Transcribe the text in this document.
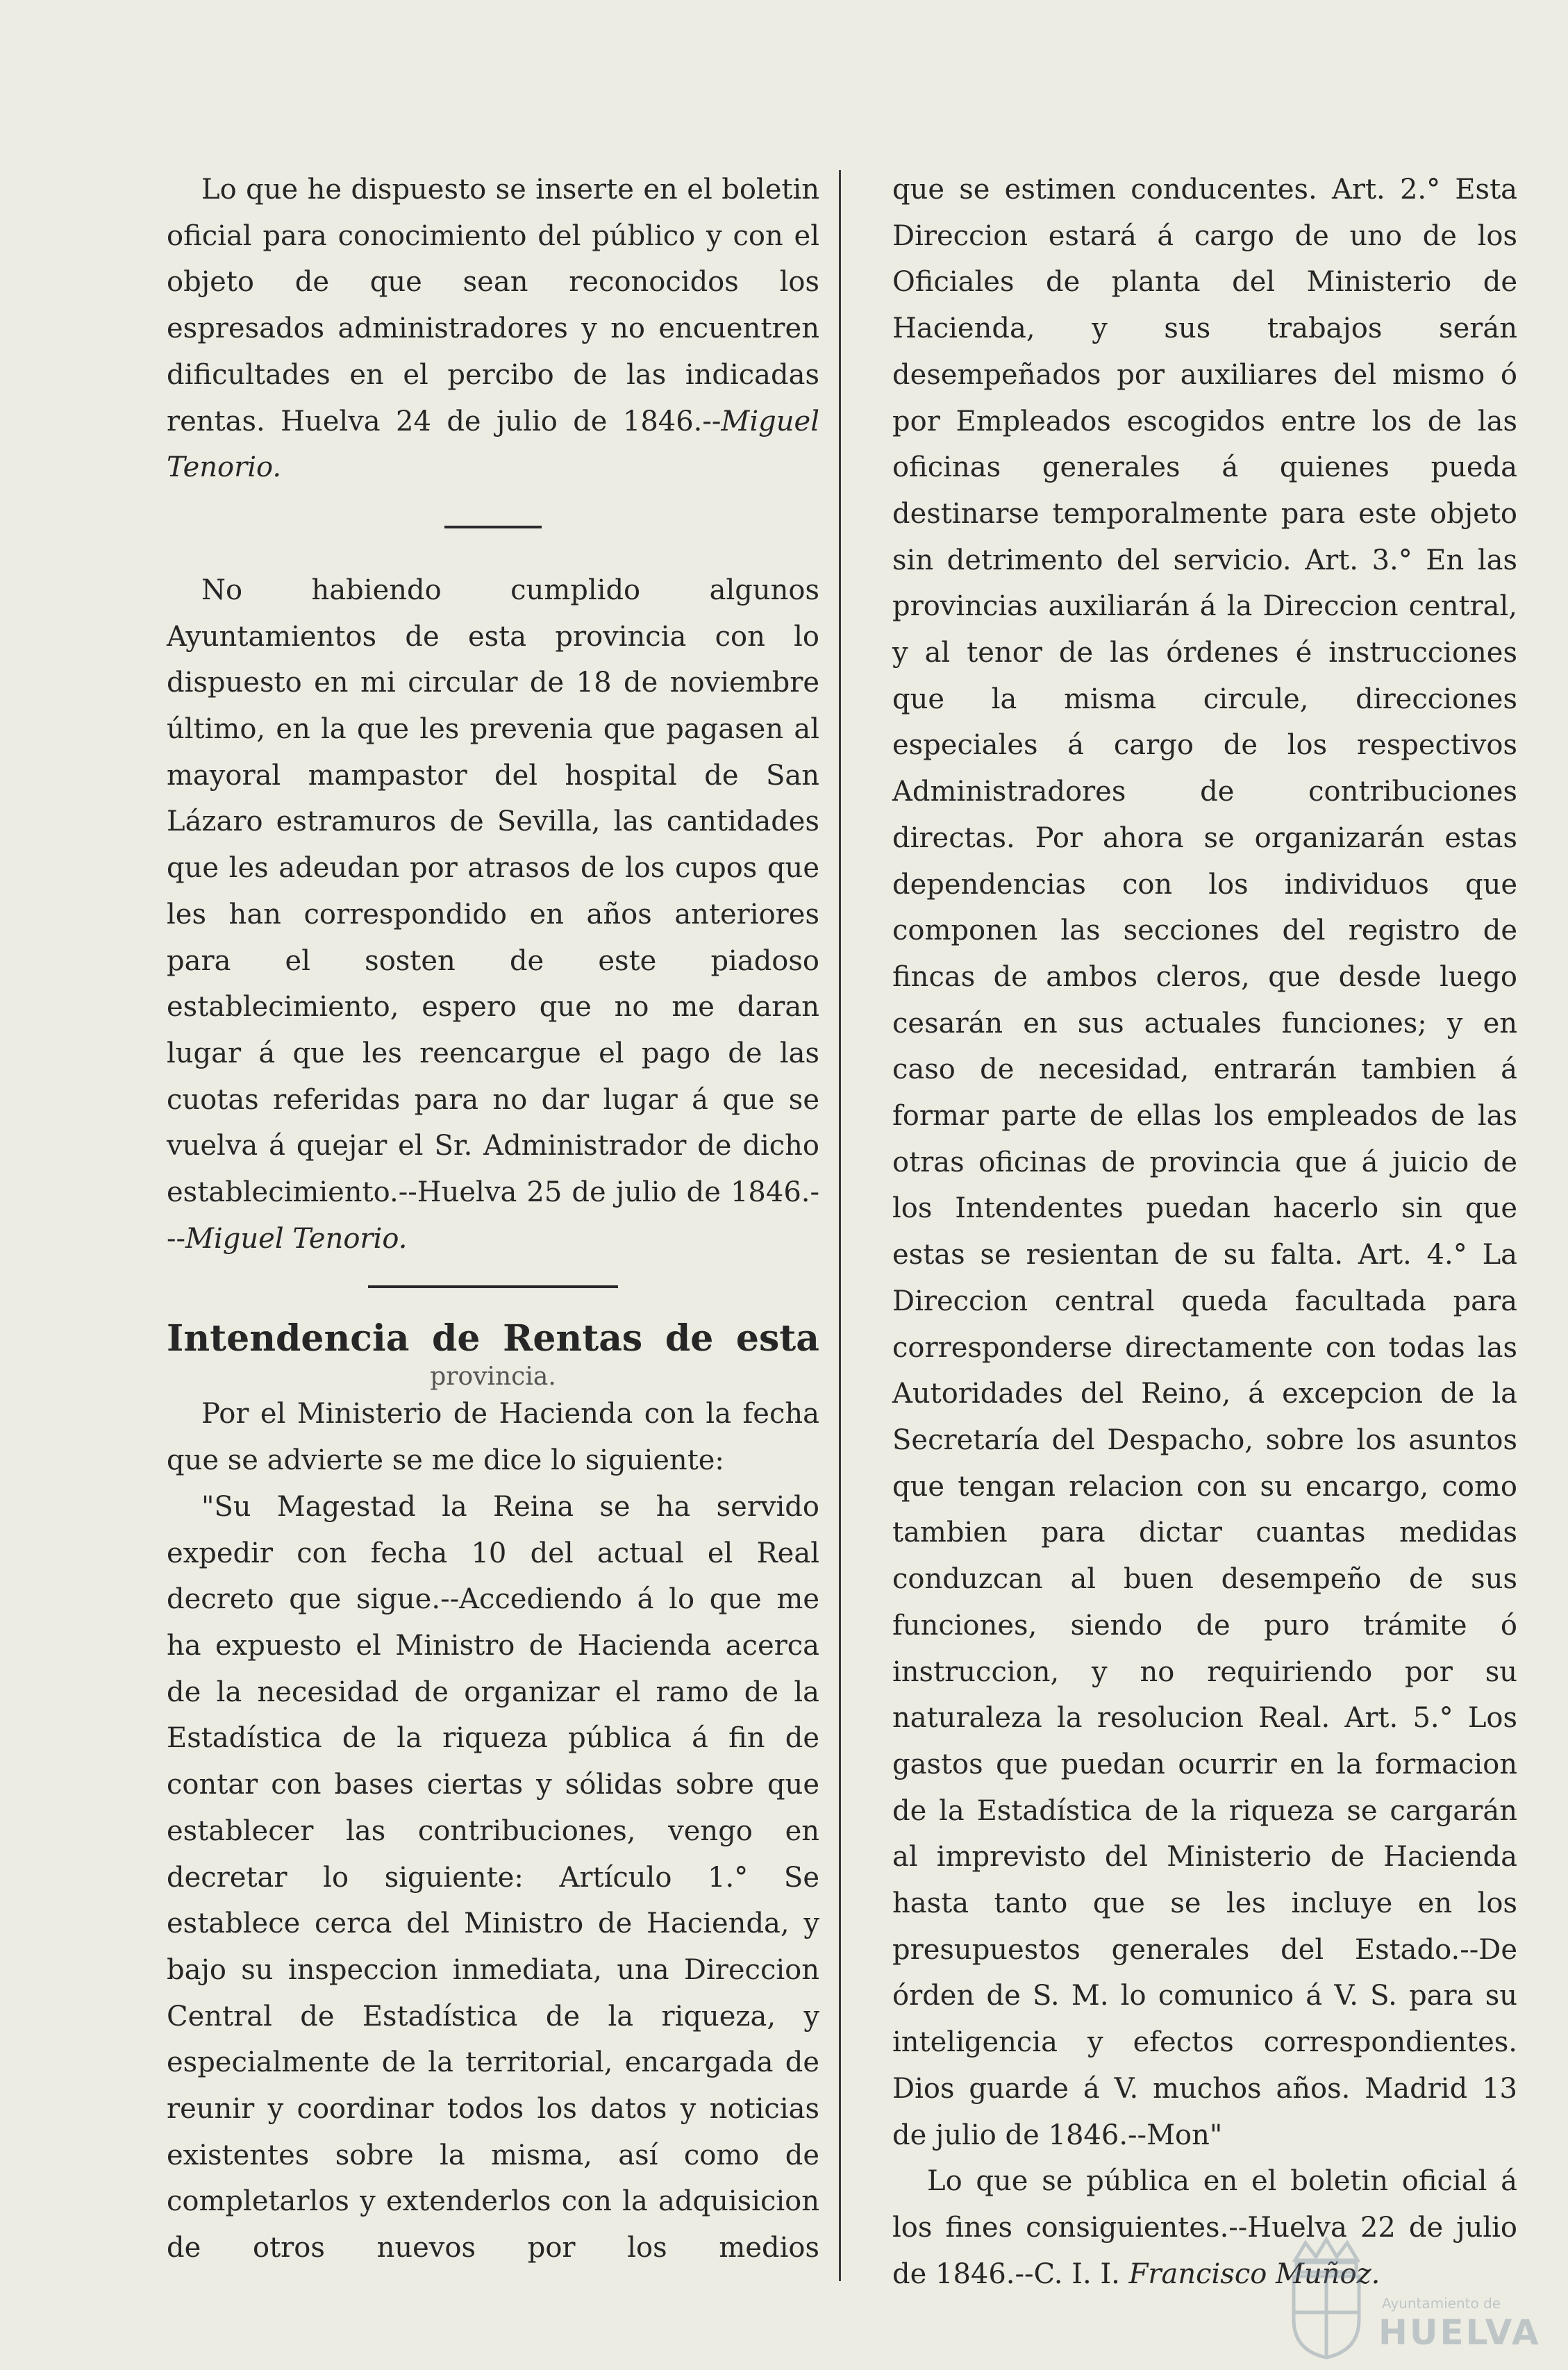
Lo que he dispuesto se inserte en el boletin oficial para conocimiento del público y con el objeto de que sean reconocidos los espresados administradores y no encuentren dificultades en el percibo de las indicadas rentas. Huelva 24 de julio de 1846.--Miguel Tenorio.

No habiendo cumplido algunos Ayuntamientos de esta provincia con lo dispuesto en mi circular de 18 de noviembre último, en la que les prevenia que pagasen al mayoral mampastor del hospital de San Lázaro estramuros de Sevilla, las cantidades que les adeudan por atrasos de los cupos que les han correspondido en años anteriores para el sosten de este piadoso establecimiento, espero que no me daran lugar á que les reencargue el pago de las cuotas referidas para no dar lugar á que se vuelva á quejar el Sr. Administrador de dicho establecimiento.--Huelva 25 de julio de 1846.---Miguel Tenorio.

Intendencia de Rentas de esta
provincia.

Por el Ministerio de Hacienda con la fecha que se advierte se me dice lo siguiente:

"Su Magestad la Reina se ha servido expedir con fecha 10 del actual el Real decreto que sigue.--Accediendo á lo que me ha expuesto el Ministro de Hacienda acerca de la necesidad de organizar el ramo de la Estadística de la riqueza pública á fin de contar con bases ciertas y sólidas sobre que establecer las contribuciones, vengo en decretar lo siguiente: Artículo 1.° Se establece cerca del Ministro de Hacienda, y bajo su inspeccion inmediata, una Direccion Central de Estadística de la riqueza, y especialmente de la territorial, encargada de reunir y coordinar todos los datos y noticias existentes sobre la misma, así como de completarlos y extenderlos con la adquisicion de otros nuevos por los medios

que se estimen conducentes. Art. 2.° Esta Direccion estará á cargo de uno de los Oficiales de planta del Ministerio de Hacienda, y sus trabajos serán desempeñados por auxiliares del mismo ó por Empleados escogidos entre los de las oficinas generales á quienes pueda destinarse temporalmente para este objeto sin detrimento del servicio. Art. 3.° En las provincias auxiliarán á la Direccion central, y al tenor de las órdenes é instrucciones que la misma circule, direcciones especiales á cargo de los respectivos Administradores de contribuciones directas. Por ahora se organizarán estas dependencias con los individuos que componen las secciones del registro de fincas de ambos cleros, que desde luego cesarán en sus actuales funciones; y en caso de necesidad, entrarán tambien á formar parte de ellas los empleados de las otras oficinas de provincia que á juicio de los Intendentes puedan hacerlo sin que estas se resientan de su falta. Art. 4.° La Direccion central queda facultada para corresponderse directamente con todas las Autoridades del Reino, á excepcion de la Secretaría del Despacho, sobre los asuntos que tengan relacion con su encargo, como tambien para dictar cuantas medidas conduzcan al buen desempeño de sus funciones, siendo de puro trámite ó instruccion, y no requiriendo por su naturaleza la resolucion Real. Art. 5.° Los gastos que puedan ocurrir en la formacion de la Estadística de la riqueza se cargarán al imprevisto del Ministerio de Hacienda hasta tanto que se les incluye en los presupuestos generales del Estado.--De órden de S. M. lo comunico á V. S. para su inteligencia y efectos correspondientes. Dios guarde á V. muchos años. Madrid 13 de julio de 1846.--Mon"

Lo que se pública en el boletin oficial á los fines consiguientes.--Huelva 22 de julio de 1846.--C. I. I. Francisco Muñoz.

Ayuntamiento de
HUELVA
